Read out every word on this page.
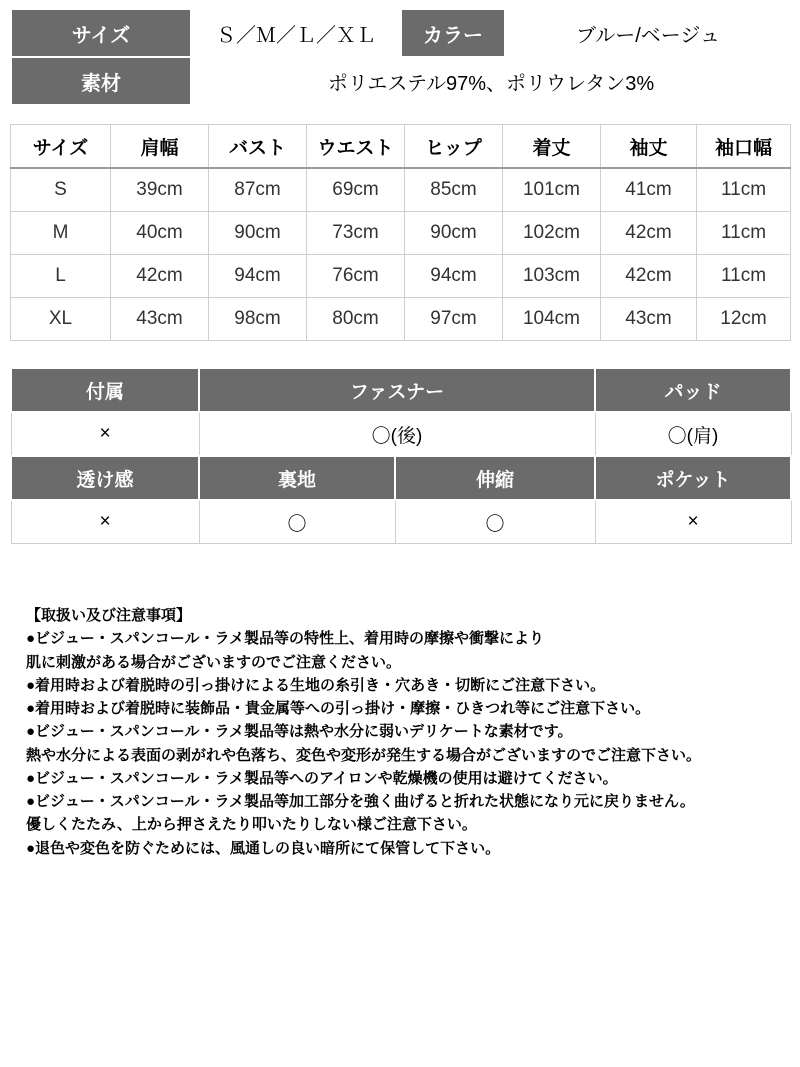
サイズ	Ｓ／Ｍ／Ｌ／ＸＬ	カラー	ブルー/ベージュ
素材	ポリエステル97%、ポリウレタン3%		
サイズ	肩幅	バスト	ウエスト	ヒップ	着丈	袖丈	袖口幅
S	39cm	87cm	69cm	85cm	101cm	41cm	11cm
M	40cm	90cm	73cm	90cm	102cm	42cm	11cm
L	42cm	94cm	76cm	94cm	103cm	42cm	11cm
XL	43cm	98cm	80cm	97cm	104cm	43cm	12cm
付属	ファスナー		パッド
×	〇(後)		〇(肩)
透け感	裏地	伸縮	ポケット
×	〇	〇	×
【取扱い及び注意事項】
●ビジュー・スパンコール・ラメ製品等の特性上、着用時の摩擦や衝撃により
肌に刺激がある場合がございますのでご注意ください。
●着用時および着脱時の引っ掛けによる生地の糸引き・穴あき・切断にご注意下さい。
●着用時および着脱時に装飾品・貴金属等への引っ掛け・摩擦・ひきつれ等にご注意下さい。
●ビジュー・スパンコール・ラメ製品等は熱や水分に弱いデリケートな素材です。
熱や水分による表面の剥がれや色落ち、変色や変形が発生する場合がございますのでご注意下さい。
●ビジュー・スパンコール・ラメ製品等へのアイロンや乾燥機の使用は避けてください。
●ビジュー・スパンコール・ラメ製品等加工部分を強く曲げると折れた状態になり元に戻りません。
優しくたたみ、上から押さえたり叩いたりしない様ご注意下さい。
●退色や変色を防ぐためには、風通しの良い暗所にて保管して下さい。
